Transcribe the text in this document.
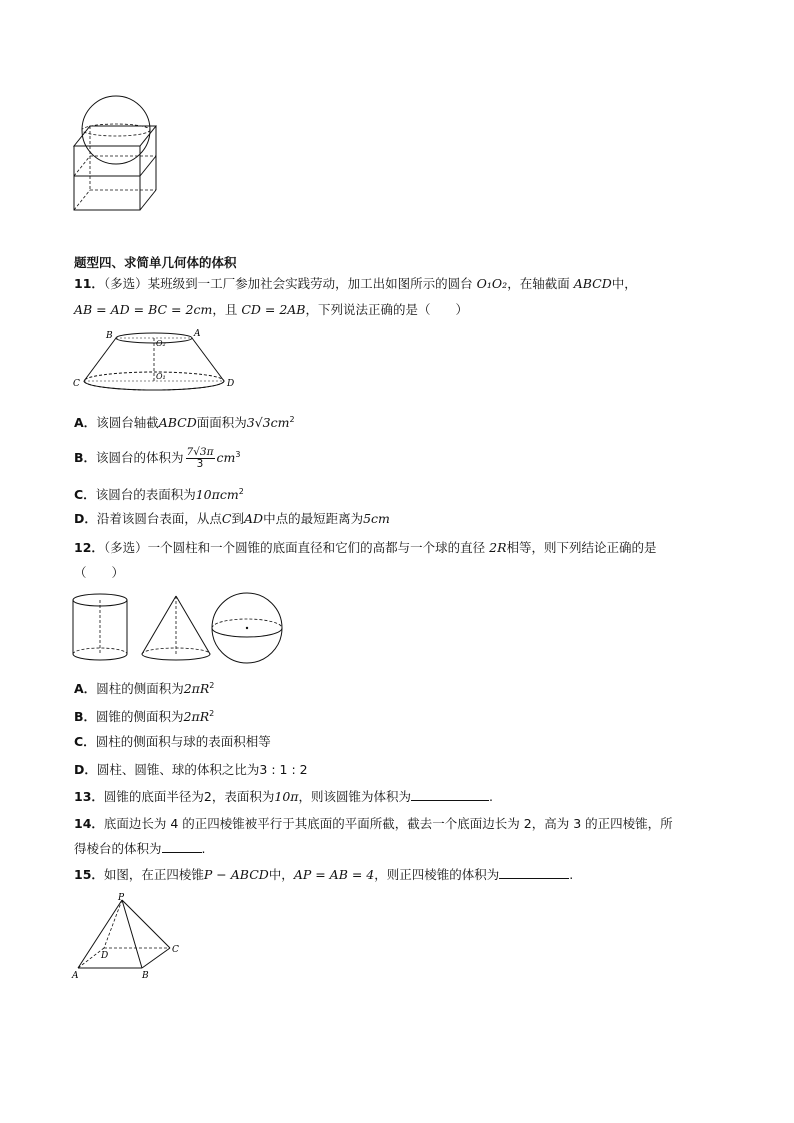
题型四、求简单几何体的体积
11．（多选）某班级到一工厂参加社会实践劳动，加工出如图所示的圆台 O₁O₂，在轴截面 ABCD中，
AB = AD = BC = 2cm，且 CD = 2AB，下列说法正确的是（　　）
B	A
O₂
O₁
C	D
A．该圆台轴截ABCD面面积为$3√3cm^2$
B．该圆台的体积为 $\frac{7√3\pi}{3} cm^3$
C．该圆台的表面积为10πcm$^2$
D．沿着该圆台表面，从点C到AD中点的最短距离为5cm
12．（多选）一个圆柱和一个圆锥的底面直径和它们的高都与一个球的直径 2R相等，则下列结论正确的是
（　　）
A．圆柱的侧面积为$2\pi R^2$
B．圆锥的侧面积为$2\pi R^2$
C．圆柱的侧面积与球的表面积相等
D．圆柱、圆锥、球的体积之比为3 : 1 : 2
13．圆锥的底面半径为2，表面积为10π，则该圆锥为体积为	.
14．底面边长为 4 的正四棱锥被平行于其底面的平面所截，截去一个底面边长为 2，高为 3 的正四棱锥，所
得棱台的体积为	.
15．如图，在正四棱锥P − ABCD中，AP = AB = 4，则正四棱锥的体积为	.
P
A	B
C
D
